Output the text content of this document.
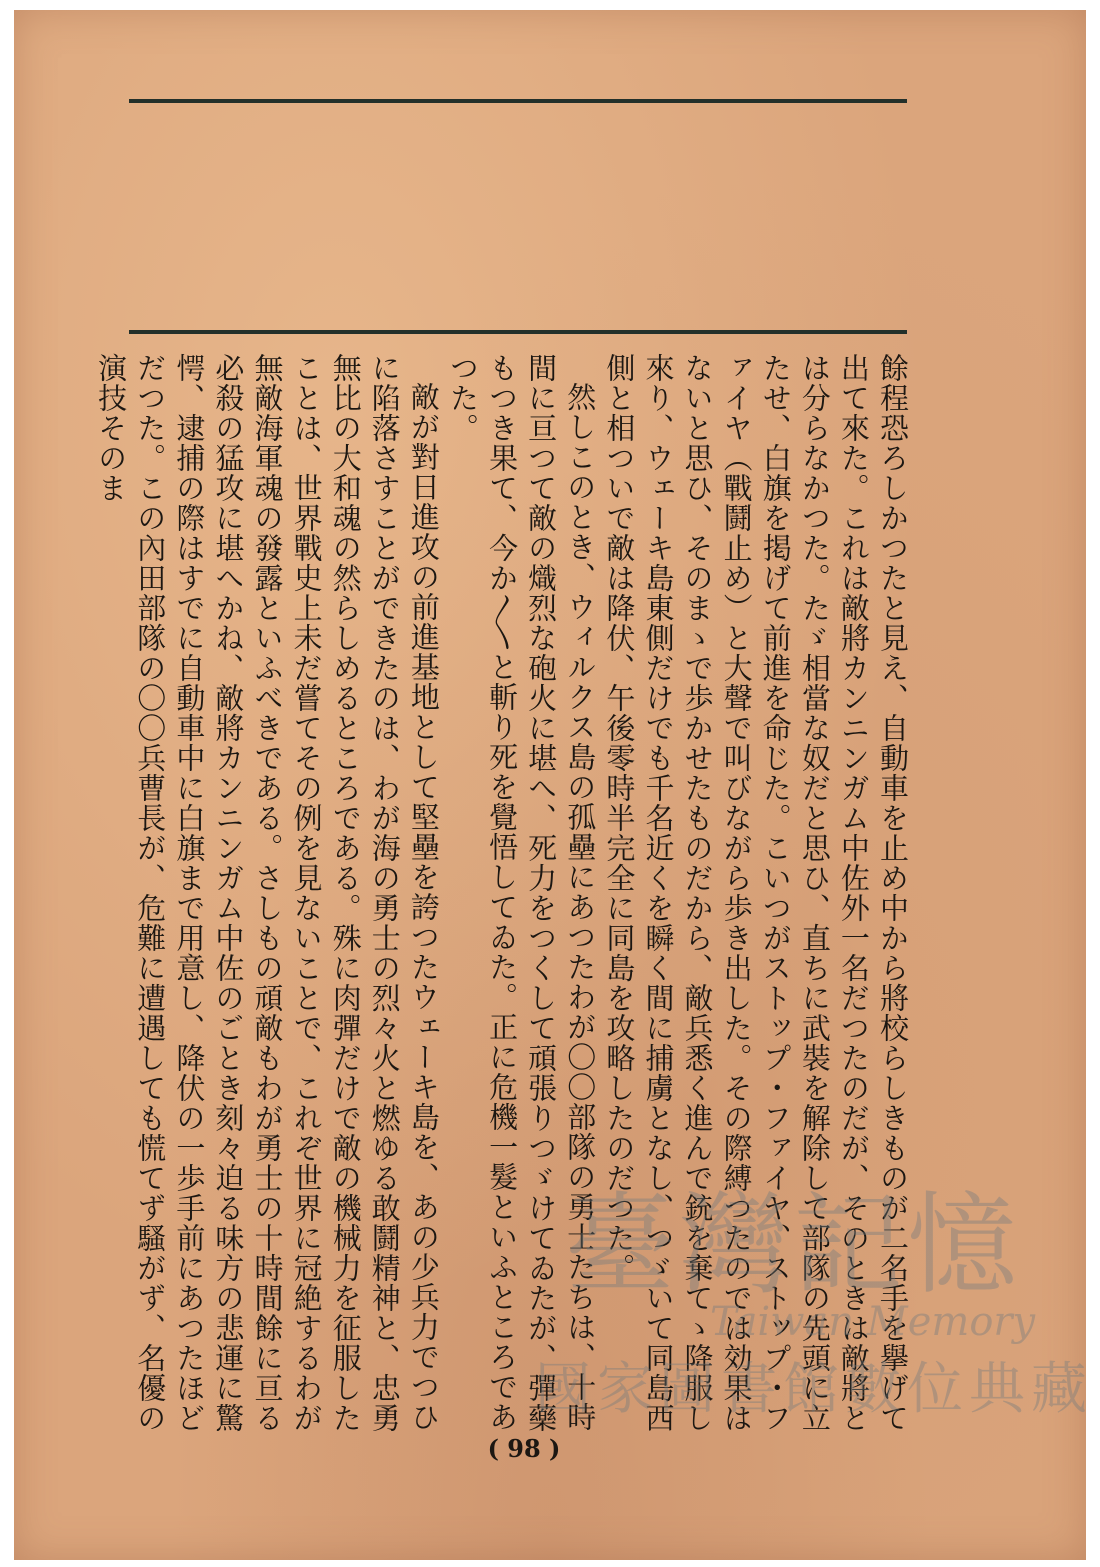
餘程恐ろしかつたと見え、自動車を止め中から將校らしきものが二名手を擧げて出て來た。これは敵將カンニンガム中佐外一名だつたのだが、そのときは敵將とは分らなかつた。たゞ相當な奴だと思ひ、直ちに武裝を解除して部隊の先頭に立たせ、白旗を掲げて前進を命じた。こいつがストップ・ファイヤ、ストップ・ファイヤ（戰鬪止め）と大聲で叫びながら歩き出した。その際縛つたのでは効果はないと思ひ、そのまゝで歩かせたものだから、敵兵悉く進んで銃を棄てゝ降服し來り、ウェーキ島東側だけでも千名近くを瞬く間に捕虜となし、つゞいて同島西側と相ついで敵は降伏、午後零時半完全に同島を攻略したのだつた。

然しこのとき、ウィルクス島の孤壘にあつたわが〇〇部隊の勇士たちは、十時間に亘つて敵の熾烈な砲火に堪へ、死力をつくして頑張りつゞけてゐたが、彈藥もつき果て、今か〳〵と斬り死を覺悟してゐた。正に危機一髮といふところであつた。

敵が對日進攻の前進基地として堅壘を誇つたウェーキ島を、あの少兵力でつひに陷落さすことができたのは、わが海の勇士の烈々火と燃ゆる敢鬪精神と、忠勇無比の大和魂の然らしめるところである。殊に肉彈だけで敵の機械力を征服したことは、世界戰史上未だ嘗てその例を見ないことで、これぞ世界に冠絶するわが無敵海軍魂の發露といふべきである。さしもの頑敵もわが勇士の十時間餘に亘る必殺の猛攻に堪へかね、敵將カンニンガム中佐のごとき刻々迫る味方の悲運に驚愕、逮捕の際はすでに自動車中に白旗まで用意し、降伏の一歩手前にあつたほどだつた。この內田部隊の〇〇兵曹長が、危難に遭遇しても慌てず騷がず、名優の演技そのま

( 98 )
臺灣記憶
Taiwan Memory
國家圖書館數位典藏
